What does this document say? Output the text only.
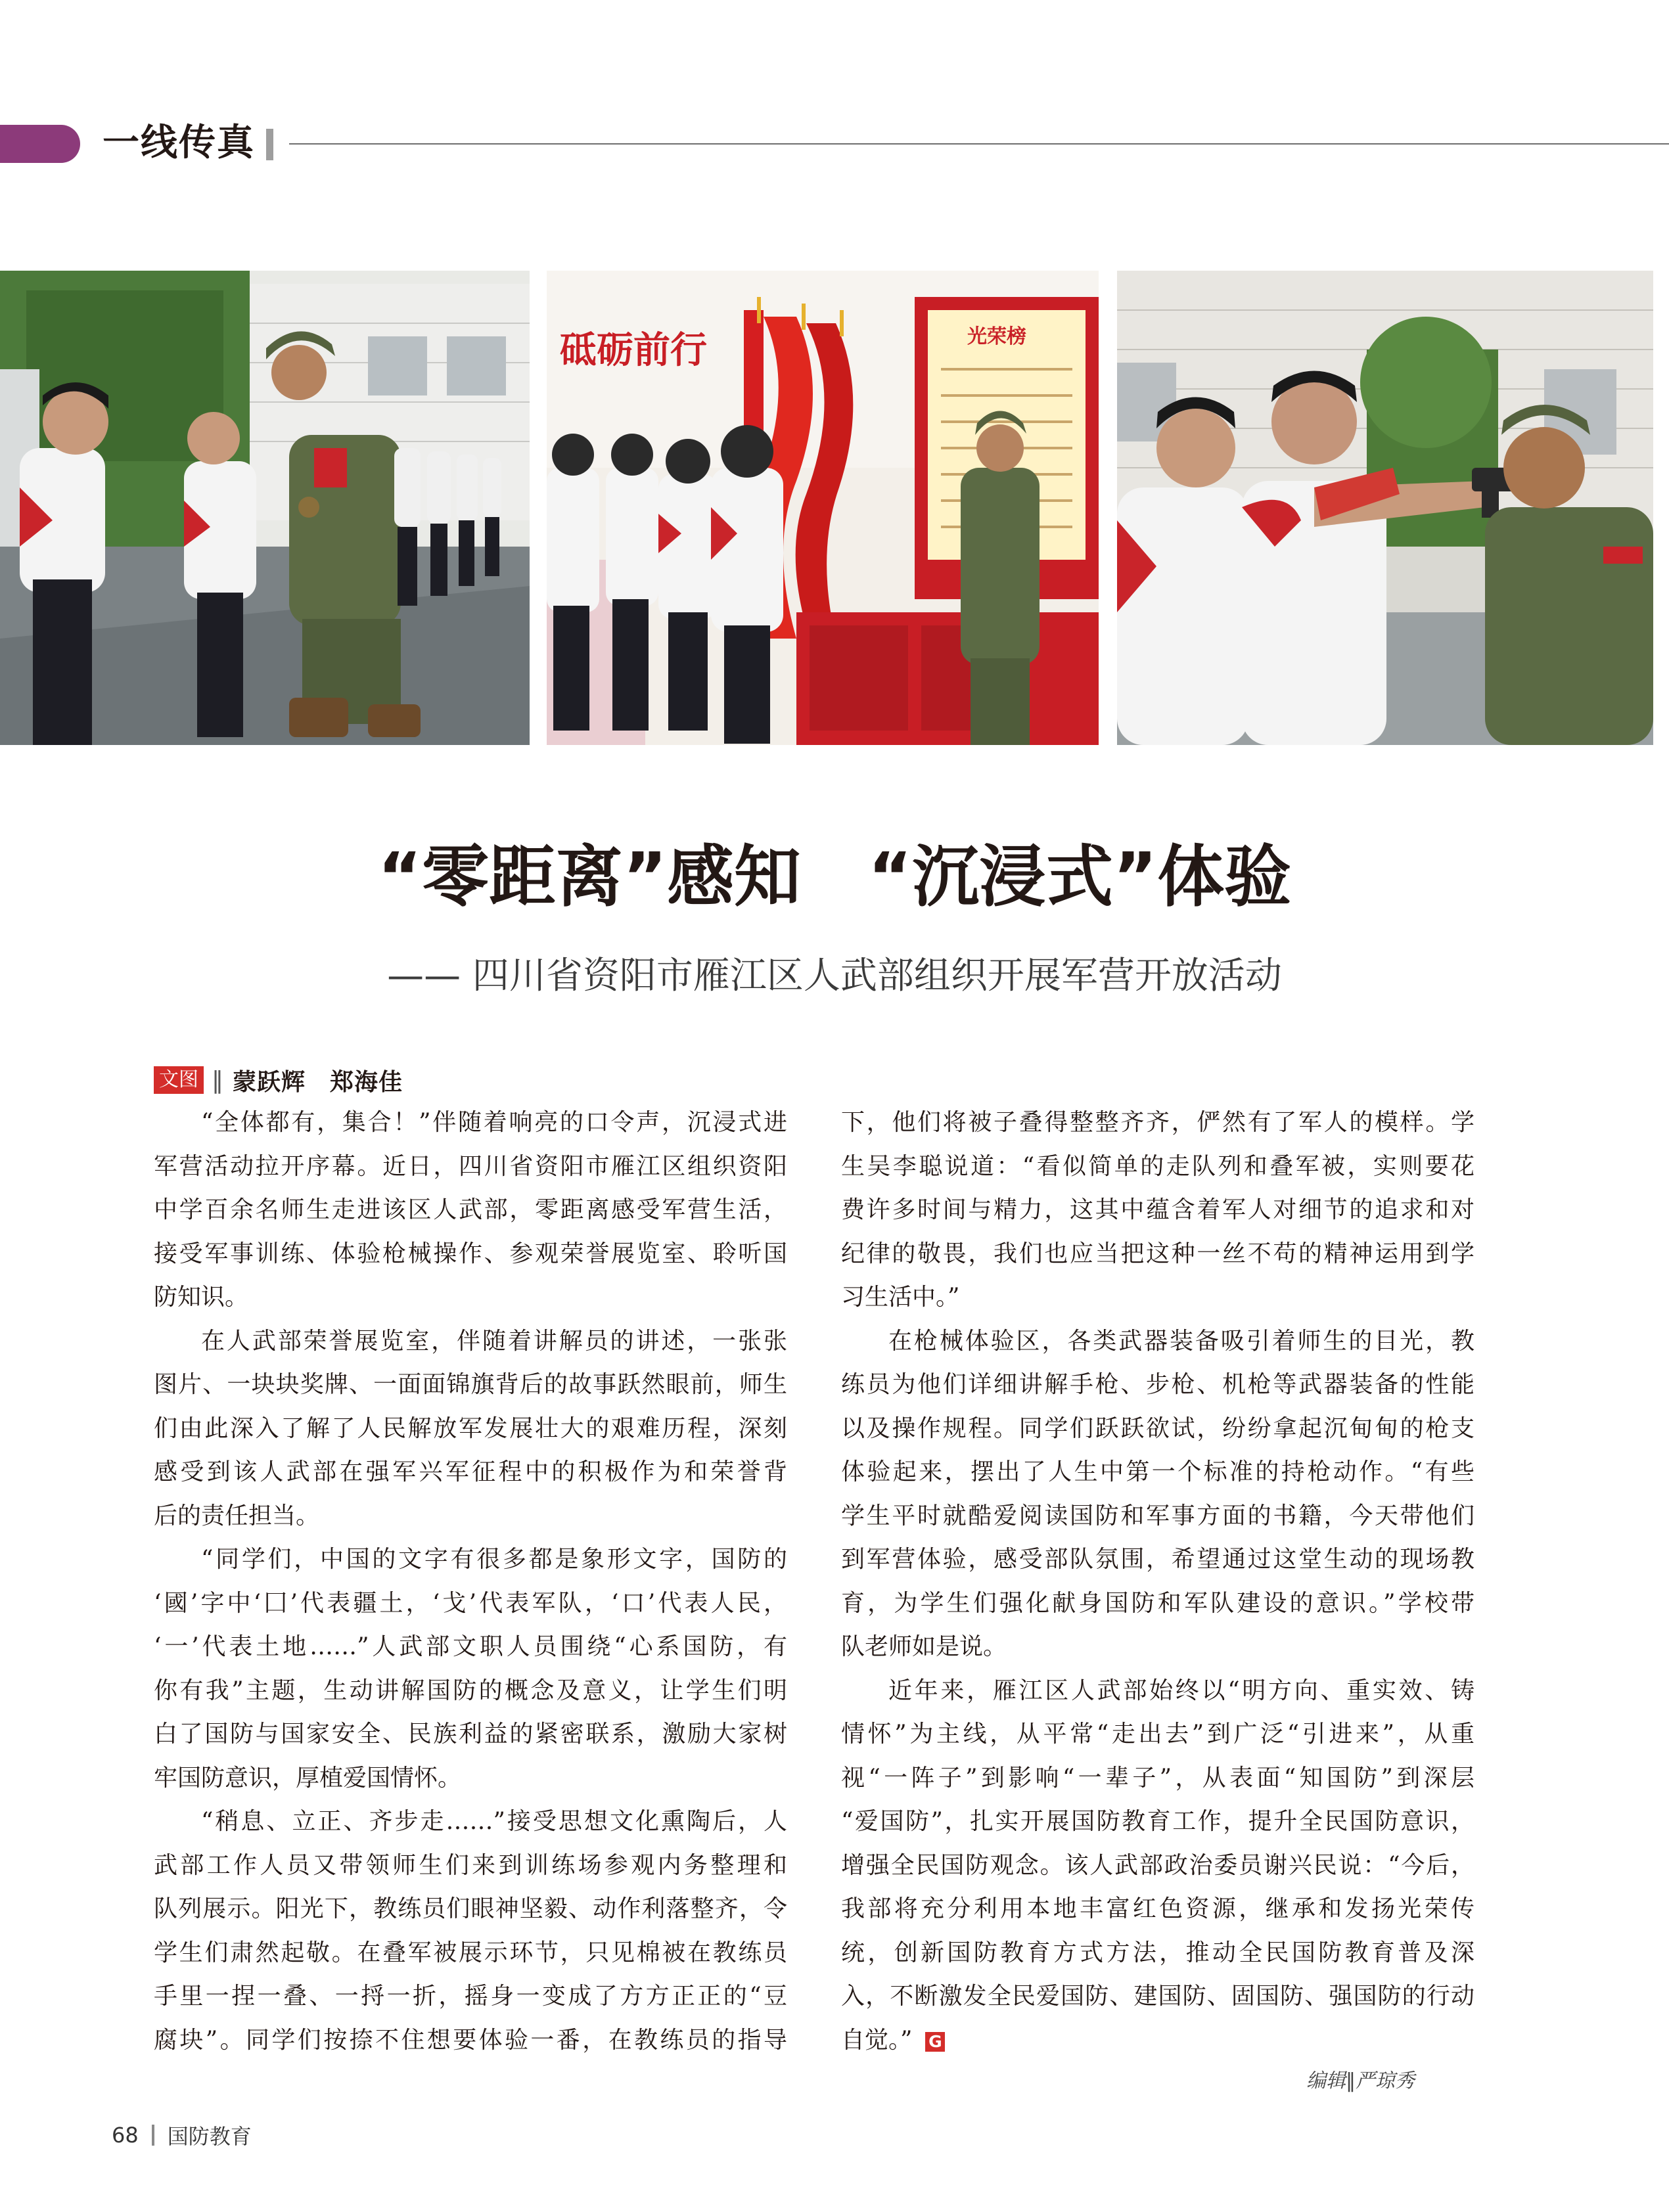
一线传真
砥砺前行	光荣榜
“零距离”感知　“沉浸式”体验
—— 四川省资阳市雁江区人武部组织开展军营开放活动
文图 ‖ 蒙跃辉　郑海佳
“全体都有，集合！”伴随着响亮的口令声，沉浸式进
军营活动拉开序幕。近日，四川省资阳市雁江区组织资阳
中学百余名师生走进该区人武部，零距离感受军营生活，
接受军事训练、体验枪械操作、参观荣誉展览室、聆听国
防知识。
在人武部荣誉展览室，伴随着讲解员的讲述，一张张
图片、一块块奖牌、一面面锦旗背后的故事跃然眼前，师生
们由此深入了解了人民解放军发展壮大的艰难历程，深刻
感受到该人武部在强军兴军征程中的积极作为和荣誉背
后的责任担当。
“同学们，中国的文字有很多都是象形文字，国防的
‘國’字中‘囗’代表疆土，‘戈’代表军队，‘口’代表人民，
‘一’代表土地……”人武部文职人员围绕“心系国防，有
你有我”主题，生动讲解国防的概念及意义，让学生们明
白了国防与国家安全、民族利益的紧密联系，激励大家树
牢国防意识，厚植爱国情怀。
“稍息、立正、齐步走……”接受思想文化熏陶后，人
武部工作人员又带领师生们来到训练场参观内务整理和
队列展示。阳光下，教练员们眼神坚毅、动作利落整齐，令
学生们肃然起敬。在叠军被展示环节，只见棉被在教练员
手里一捏一叠、一捋一折，摇身一变成了方方正正的“豆
腐块”。同学们按捺不住想要体验一番，在教练员的指导
下，他们将被子叠得整整齐齐，俨然有了军人的模样。学
生吴李聪说道：“看似简单的走队列和叠军被，实则要花
费许多时间与精力，这其中蕴含着军人对细节的追求和对
纪律的敬畏，我们也应当把这种一丝不苟的精神运用到学
习生活中。”
在枪械体验区，各类武器装备吸引着师生的目光，教
练员为他们详细讲解手枪、步枪、机枪等武器装备的性能
以及操作规程。同学们跃跃欲试，纷纷拿起沉甸甸的枪支
体验起来，摆出了人生中第一个标准的持枪动作。“有些
学生平时就酷爱阅读国防和军事方面的书籍，今天带他们
到军营体验，感受部队氛围，希望通过这堂生动的现场教
育，为学生们强化献身国防和军队建设的意识。”学校带
队老师如是说。
近年来，雁江区人武部始终以“明方向、重实效、铸
情怀”为主线，从平常“走出去”到广泛“引进来”，从重
视“一阵子”到影响“一辈子”，从表面“知国防”到深层
“爱国防”，扎实开展国防教育工作，提升全民国防意识，
增强全民国防观念。该人武部政治委员谢兴民说：“今后，
我部将充分利用本地丰富红色资源，继承和发扬光荣传
统，创新国防教育方式方法，推动全民国防教育普及深
入，不断激发全民爱国防、建国防、固国防、强国防的行动
自觉。” G
编辑‖严琼秀
68 国防教育
